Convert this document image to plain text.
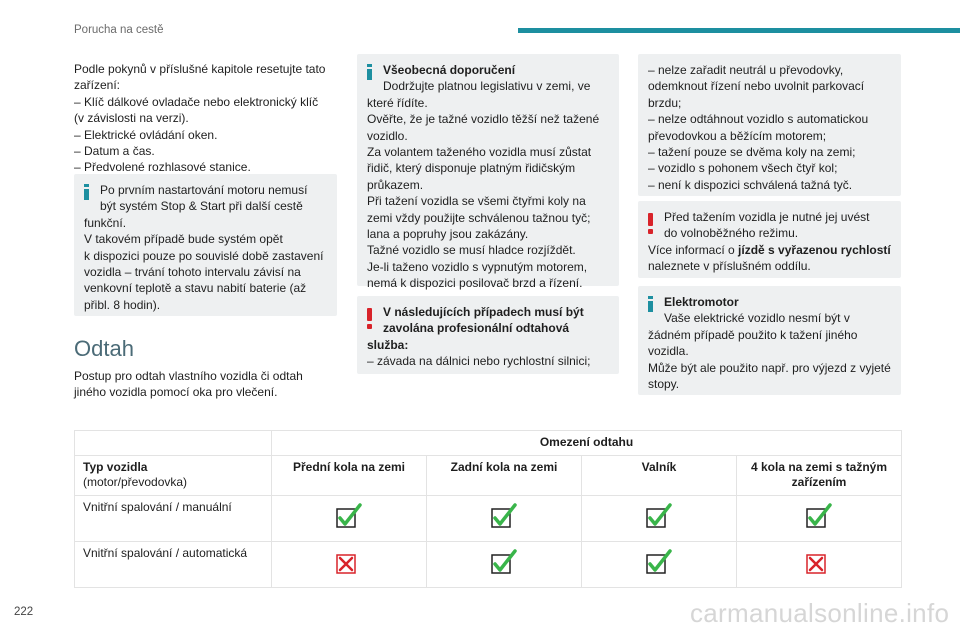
Porucha na cestě

Podle pokynů v příslušné kapitole resetujte tato

zařízení:

– Klíč dálkové ovladače nebo elektronický klíč

(v závislosti na verzi).

– Elektrické ovládání oken.

– Datum a čas.

– Předvolené rozhlasové stanice.

Po prvním nastartování motoru nemusí

být systém Stop & Start při další cestě

funkční.

V takovém případě bude systém opět

k dispozici pouze po souvislé době zastavení

vozidla – trvání tohoto intervalu závisí na

venkovní teplotě a stavu nabití baterie (až

přibl. 8 hodin).

Odtah

Postup pro odtah vlastního vozidla či odtah

jiného vozidla pomocí oka pro vlečení.

Všeobecná doporučení

Dodržujte platnou legislativu v zemi, ve

které řídíte.

Ověřte, že je tažné vozidlo těžší než tažené

vozidlo.

Za volantem taženého vozidla musí zůstat

řidič, který disponuje platným řidičským

průkazem.

Při tažení vozidla se všemi čtyřmi koly na

zemi vždy použijte schválenou tažnou tyč;

lana a popruhy jsou zakázány.

Tažné vozidlo se musí hladce rozjíždět.

Je-li taženo vozidlo s vypnutým motorem,

nemá k dispozici posilovač brzd a řízení.

V následujících případech musí být

zavolána profesionální odtahová

služba:

– závada na dálnici nebo rychlostní silnici;

– nelze zařadit neutrál u převodovky,

odemknout řízení nebo uvolnit parkovací

brzdu;

– nelze odtáhnout vozidlo s automatickou

převodovkou a běžícím motorem;

– tažení pouze se dvěma koly na zemi;

– vozidlo s pohonem všech čtyř kol;

– není k dispozici schválená tažná tyč.

Před tažením vozidla je nutné jej uvést

do volnoběžného režimu.

Více informací o jízdě s vyřazenou rychlostí

naleznete v příslušném oddílu.

Elektromotor

Vaše elektrické vozidlo nesmí být v

žádném případě použito k tažení jiného

vozidla.

Může být ale použito např. pro výjezd z vyjeté

stopy.

	Omezení odtahu			
Typ vozidla
(motor/převodovka)	Přední kola na zemi	Zadní kola na zemi	Valník	4 kola na zemi s tažným zařízením
Vnitřní spalování / manuální				
Vnitřní spalování / automatická				
222	carmanualsonline.info
